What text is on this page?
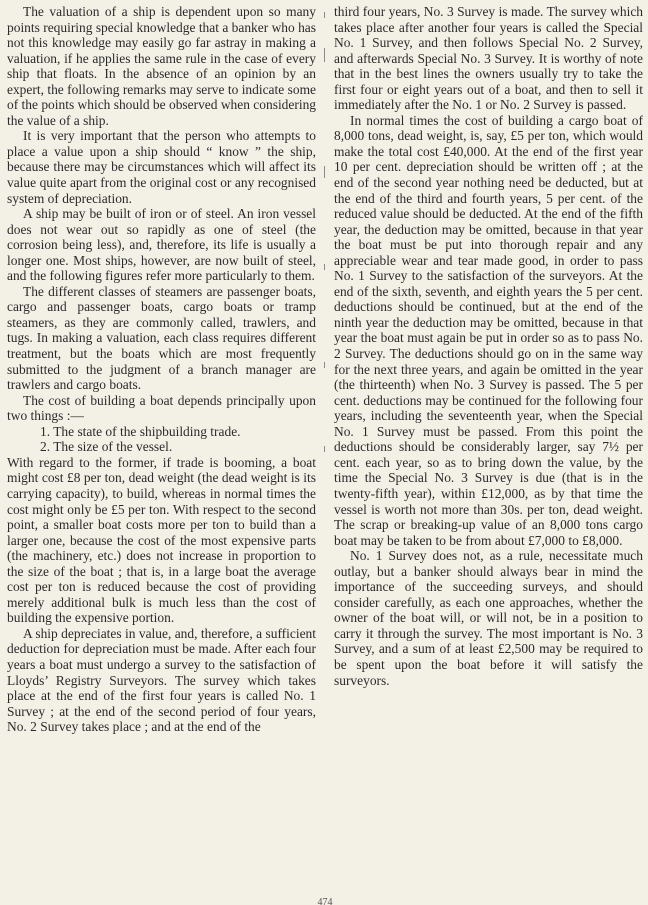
The valuation of a ship is dependent upon so many points requiring special knowledge that a banker who has not this knowledge may easily go far astray in making a valuation, if he applies the same rule in the case of every ship that floats. In the absence of an opinion by an expert, the following remarks may serve to indicate some of the points which should be observed when considering the value of a ship.

It is very important that the person who attempts to place a value upon a ship should “ know ” the ship, because there may be circumstances which will affect its value quite apart from the original cost or any recognised system of depreciation.

A ship may be built of iron or of steel. An iron vessel does not wear out so rapidly as one of steel (the corrosion being less), and, therefore, its life is usually a longer one. Most ships, however, are now built of steel, and the following figures refer more particularly to them.

The different classes of steamers are passenger boats, cargo and passenger boats, cargo boats or tramp steamers, as they are commonly called, trawlers, and tugs. In making a valuation, each class requires different treatment, but the boats which are most frequently submitted to the judgment of a branch manager are trawlers and cargo boats.

The cost of building a boat depends principally upon two things :—

1. The state of the shipbuilding trade.

2. The size of the vessel.

With regard to the former, if trade is booming, a boat might cost £8 per ton, dead weight (the dead weight is its carrying capacity), to build, whereas in normal times the cost might only be £5 per ton. With respect to the second point, a smaller boat costs more per ton to build than a larger one, because the cost of the most expensive parts (the machinery, etc.) does not increase in proportion to the size of the boat ; that is, in a large boat the average cost per ton is reduced because the cost of providing merely additional bulk is much less than the cost of building the expensive portion.

A ship depreciates in value, and, therefore, a sufficient deduction for depreciation must be made. After each four years a boat must undergo a survey to the satisfaction of Lloyds’ Registry Surveyors. The survey which takes place at the end of the first four years is called No. 1 Survey ; at the end of the second period of four years, No. 2 Survey takes place ; and at the end of the

third four years, No. 3 Survey is made. The survey which takes place after another four years is called the Special No. 1 Survey, and then follows Special No. 2 Survey, and afterwards Special No. 3 Survey. It is worthy of note that in the best lines the owners usually try to take the first four or eight years out of a boat, and then to sell it immediately after the No. 1 or No. 2 Survey is passed.

In normal times the cost of building a cargo boat of 8,000 tons, dead weight, is, say, £5 per ton, which would make the total cost £40,000. At the end of the first year 10 per cent. depreciation should be written off ; at the end of the second year nothing need be deducted, but at the end of the third and fourth years, 5 per cent. of the reduced value should be deducted. At the end of the fifth year, the deduction may be omitted, because in that year the boat must be put into thorough repair and any appreciable wear and tear made good, in order to pass No. 1 Survey to the satisfaction of the surveyors. At the end of the sixth, seventh, and eighth years the 5 per cent. deductions should be continued, but at the end of the ninth year the deduction may be omitted, because in that year the boat must again be put in order so as to pass No. 2 Survey. The deductions should go on in the same way for the next three years, and again be omitted in the year (the thirteenth) when No. 3 Survey is passed. The 5 per cent. deductions may be continued for the following four years, including the seventeenth year, when the Special No. 1 Survey must be passed. From this point the deductions should be considerably larger, say 7½ per cent. each year, so as to bring down the value, by the time the Special No. 3 Survey is due (that is in the twenty-fifth year), within £12,000, as by that time the vessel is worth not more than 30s. per ton, dead weight. The scrap or breaking-up value of an 8,000 tons cargo boat may be taken to be from about £7,000 to £8,000.

No. 1 Survey does not, as a rule, necessitate much outlay, but a banker should always bear in mind the importance of the succeeding surveys, and should consider carefully, as each one approaches, whether the owner of the boat will, or will not, be in a position to carry it through the survey. The most important is No. 3 Survey, and a sum of at least £2,500 may be required to be spent upon the boat before it will satisfy the surveyors.

474
